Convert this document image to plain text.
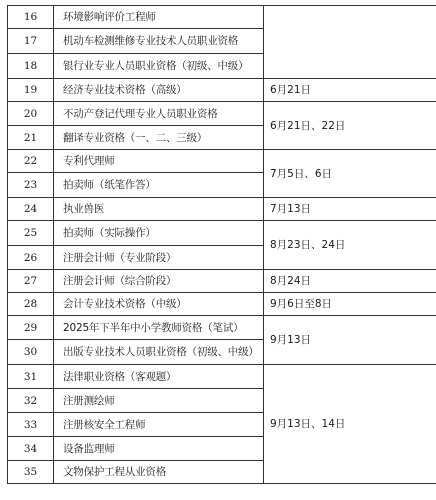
16	环境影响评价工程师	
17	机动车检测维修专业技术人员职业资格	
18	银行业专业人员职业资格（初级、中级）	
19	经济专业技术资格（高级）	6月21日
20	不动产登记代理专业人员职业资格	6月21日、22日
21	翻译专业资格（一、二、三级）	
22	专利代理师	7月5日、6日
23	拍卖师（纸笔作答）	
24	执业兽医	7月13日
25	拍卖师（实际操作）	8月23日、24日
26	注册会计师（专业阶段）	
27	注册会计师（综合阶段）	8月24日
28	会计专业技术资格（中级）	9月6日至8日
29	2025年下半年中小学教师资格（笔试）	9月13日
30	出版专业技术人员职业资格（初级、中级）	
31	法律职业资格（客观题）	9月13日、14日
32	注册测绘师	
33	注册核安全工程师	
34	设备监理师	
35	文物保护工程从业资格	
